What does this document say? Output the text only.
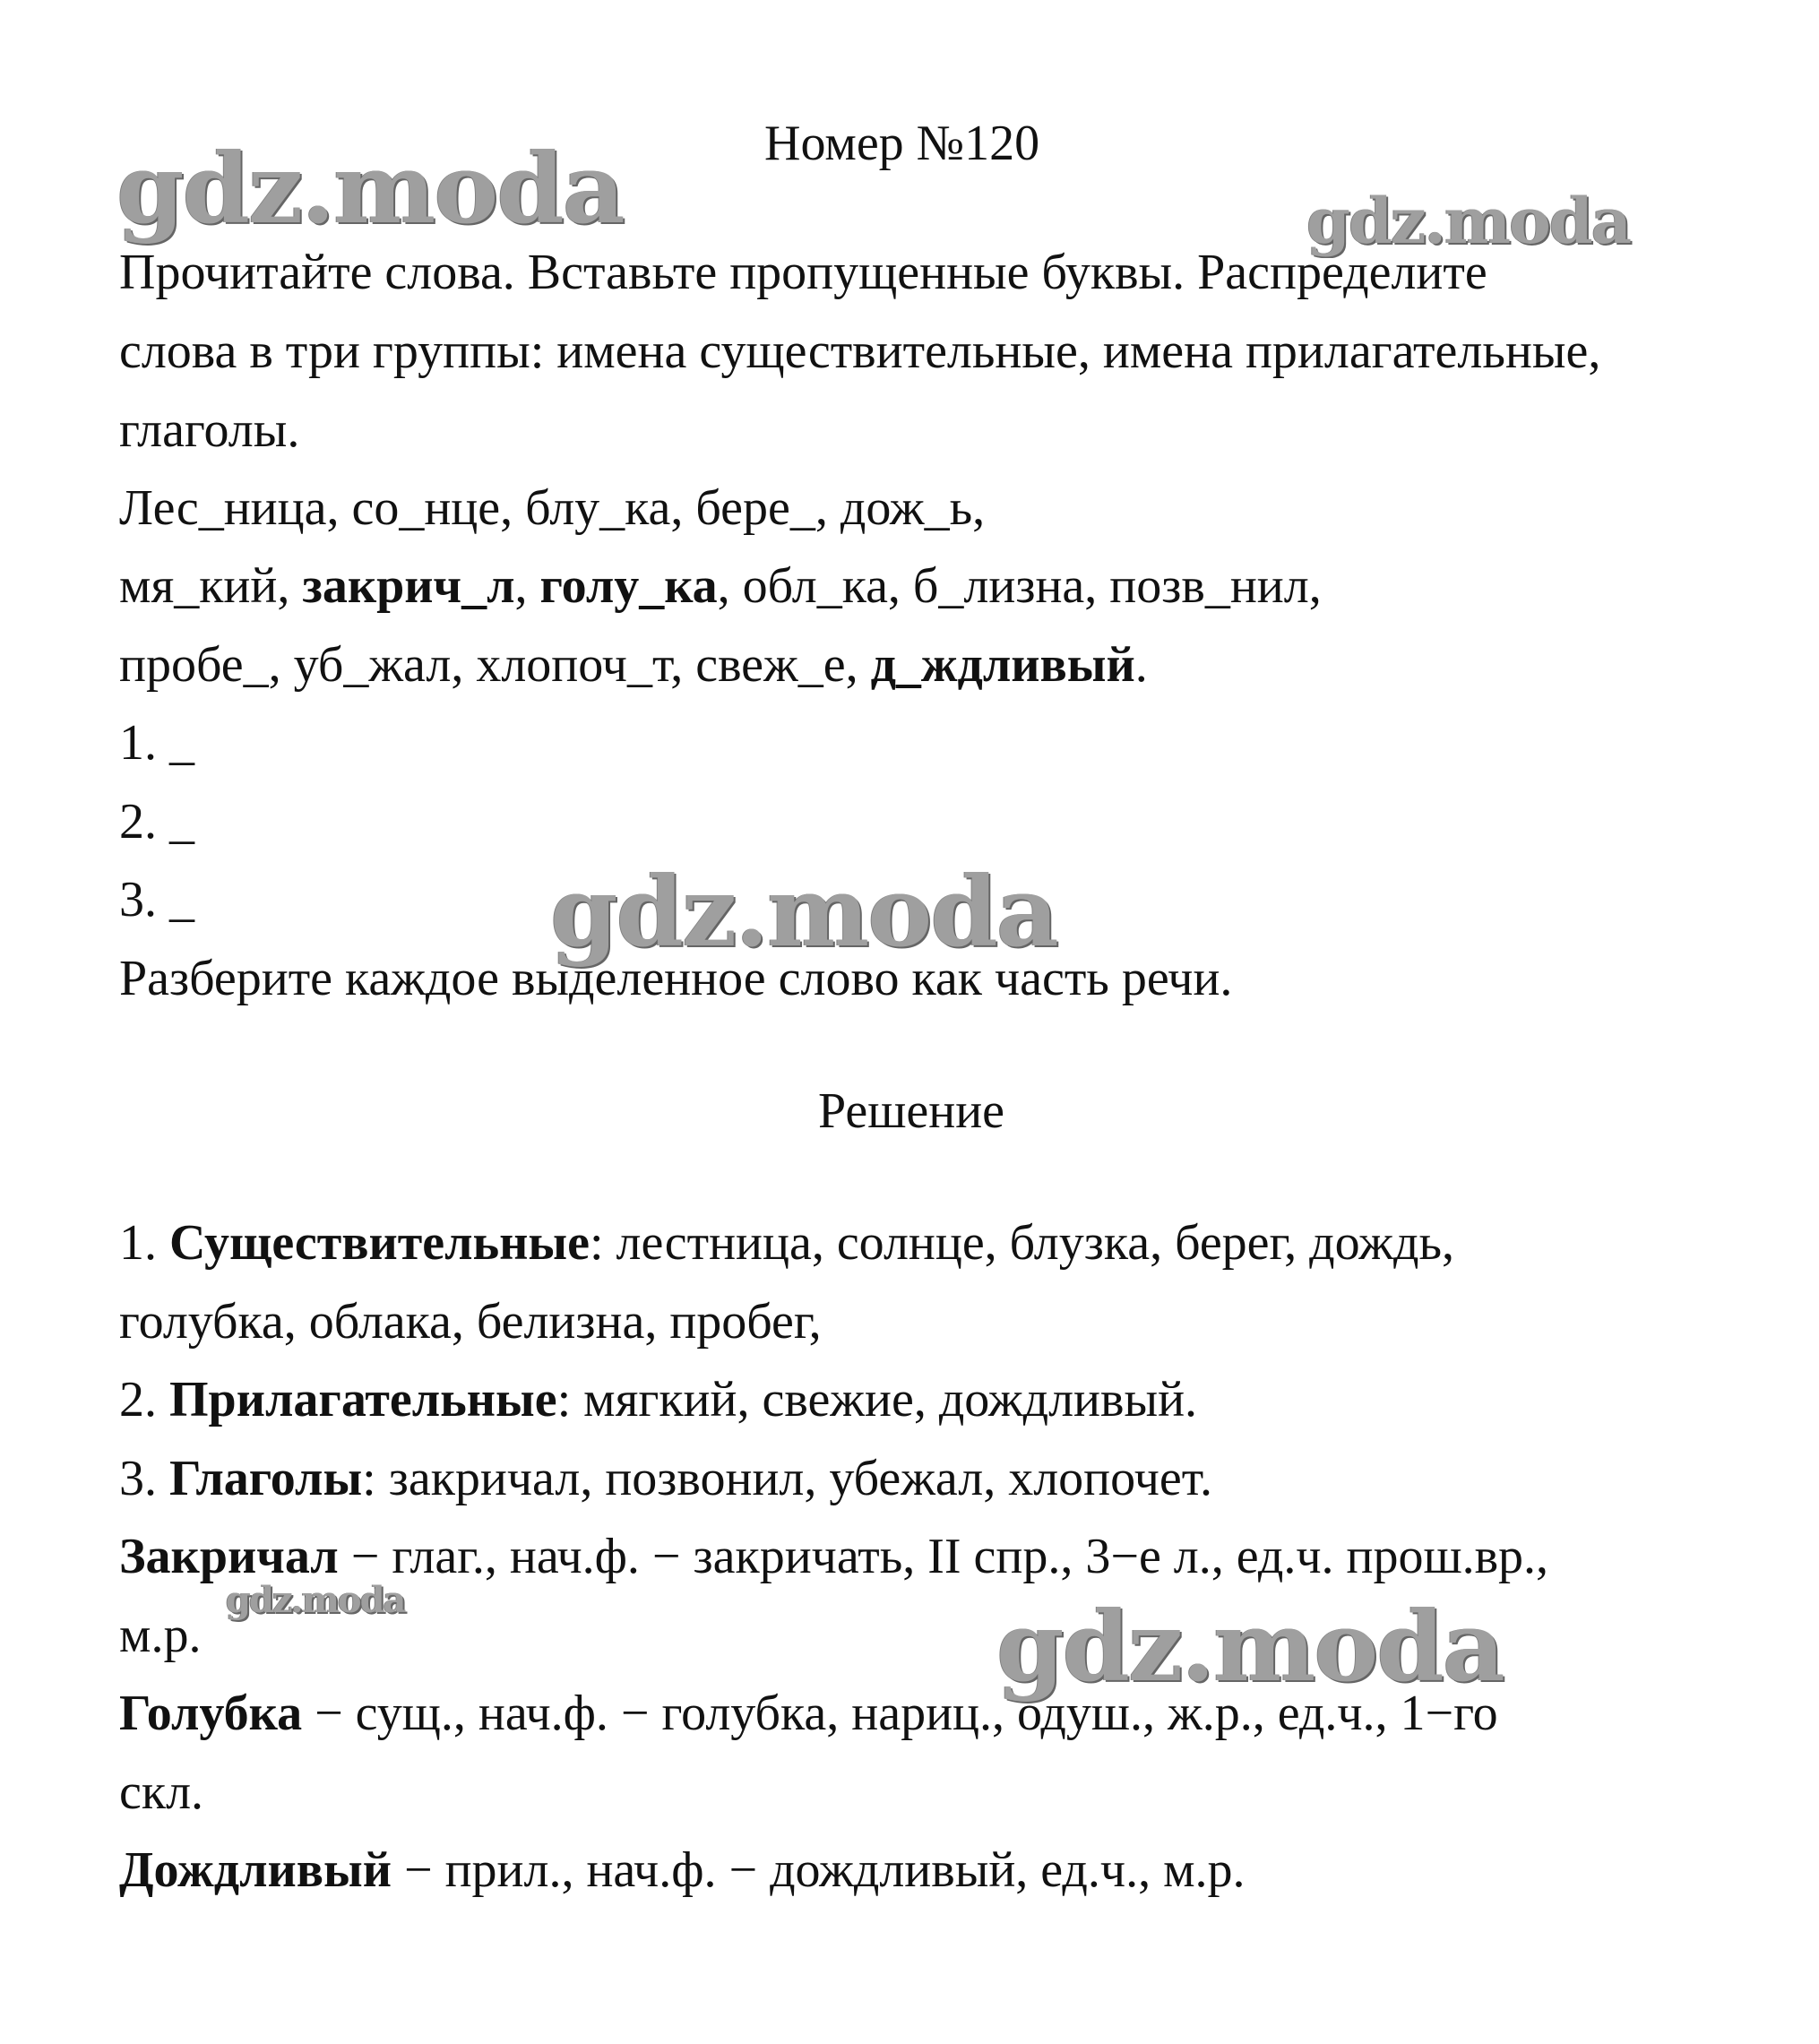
Номер №120

Прочитайте слова. Вставьте пропущенные буквы. Распределите

слова в три группы: имена существительные, имена прилагательные,

глаголы.

Лес_ница, со_нце, блу_ка, бере_, дож_ь,

мя_кий, закрич_л, голу_ка, обл_ка, б_лизна, позв_нил,

пробе_, уб_жал, хлопоч_т, свеж_е, д_ждливый.

1. _

2. _

3. _

Разберите каждое выделенное слово как часть речи.

Решение

1. Существительные: лестница, солнце, блузка, берег, дождь,

голубка, облака, белизна, пробег,

2. Прилагательные: мягкий, свежие, дождливый.

3. Глаголы: закричал, позвонил, убежал, хлопочет.

Закричал − глаг., нач.ф. − закричать, II спр., 3−е л., ед.ч. прош.вр.,

м.р.

Голубка − сущ., нач.ф. − голубка, нариц., одуш., ж.р., ед.ч., 1−го

скл.

Дождливый − прил., нач.ф. − дождливый, ед.ч., м.р.

gdz.moda	gdz.moda
gdz.moda
gdz.moda	gdz.moda
